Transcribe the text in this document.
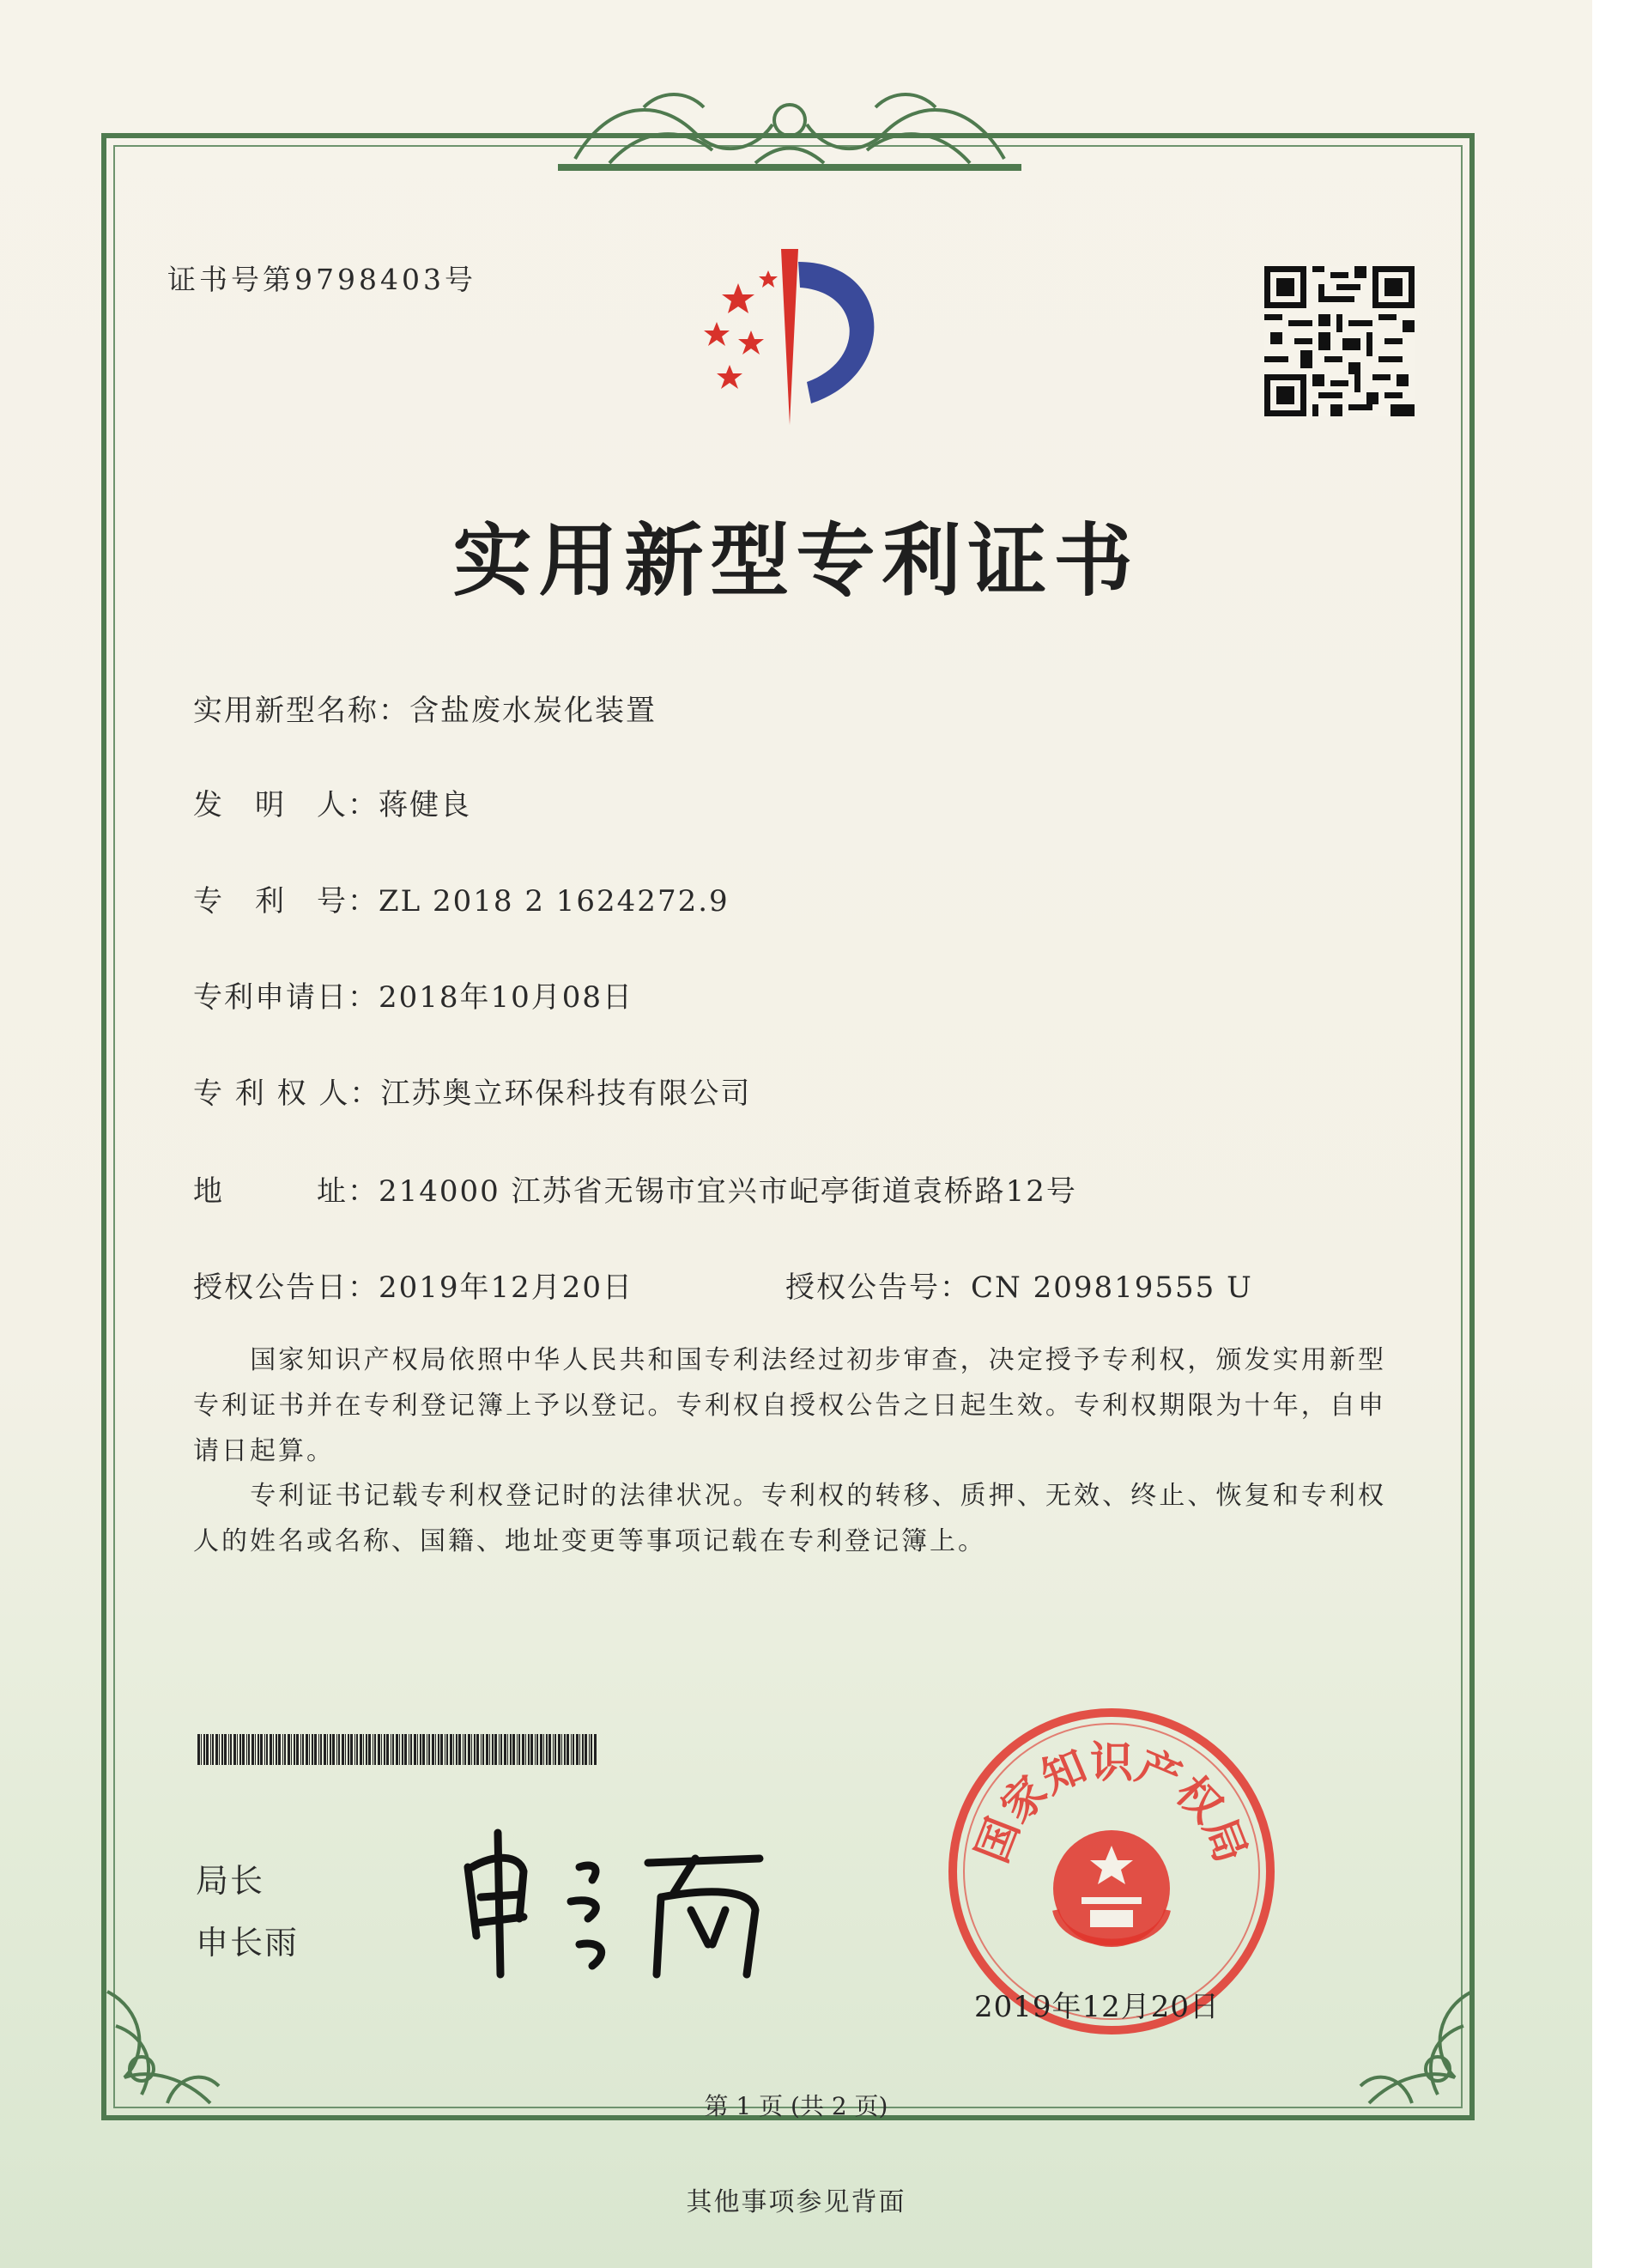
证书号第9798403号
实用新型专利证书
实用新型名称：含盐废水炭化装置
发　明　人：蒋健良
专　利　号：ZL 2018 2 1624272.9
专利申请日：2018年10月08日
专 利 权 人：江苏奥立环保科技有限公司
地　　　址：214000 江苏省无锡市宜兴市屺亭街道袁桥路12号
授权公告日：2019年12月20日	授权公告号：CN 209819555 U
　　国家知识产权局依照中华人民共和国专利法经过初步审查，决定授予专利权，颁发实用新型专利证书并在专利登记簿上予以登记。专利权自授权公告之日起生效。专利权期限为十年，自申请日起算。
　　专利证书记载专利权登记时的法律状况。专利权的转移、质押、无效、终止、恢复和专利权人的姓名或名称、国籍、地址变更等事项记载在专利登记簿上。
局长
申长雨
国家知识产权局
2019年12月20日
第 1 页 (共 2 页)
其他事项参见背面
